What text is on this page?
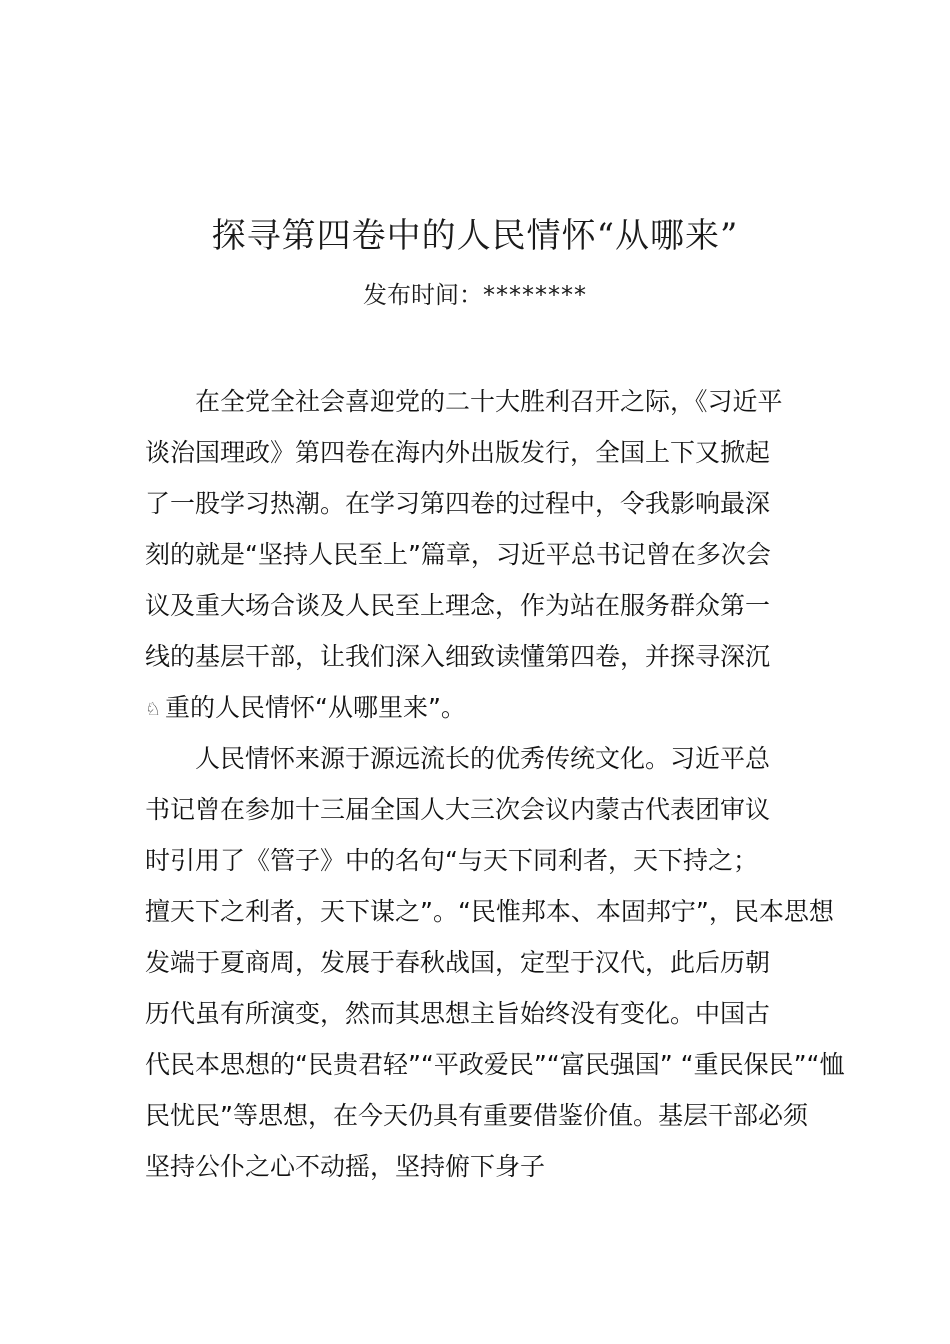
探寻第四卷中的人民情怀“从哪来”

发布时间：********

在全党全社会喜迎党的二十大胜利召开之际，《习近平
谈治国理政》第四卷在海内外出版发行，全国上下又掀起
了一股学习热潮。在学习第四卷的过程中，令我影响最深
刻的就是“坚持人民至上”篇章，习近平总书记曾在多次会
议及重大场合谈及人民至上理念，作为站在服务群众第一
线的基层干部，让我们深入细致读懂第四卷，并探寻深沉
♘ 重的人民情怀“从哪里来”。
人民情怀来源于源远流长的优秀传统文化。习近平总
书记曾在参加十三届全国人大三次会议内蒙古代表团审议
时引用了《管子》中的名句“与天下同利者，天下持之；
擅天下之利者，天下谋之”。“民惟邦本、本固邦宁”，民本思想
发端于夏商周，发展于春秋战国，定型于汉代，此后历朝
历代虽有所演变，然而其思想主旨始终没有变化。中国古
代民本思想的“民贵君轻”“平政爱民”“富民强国” “重民保民”“恤
民忧民”等思想，在今天仍具有重要借鉴价值。基层干部必须
坚持公仆之心不动摇，坚持俯下身子
